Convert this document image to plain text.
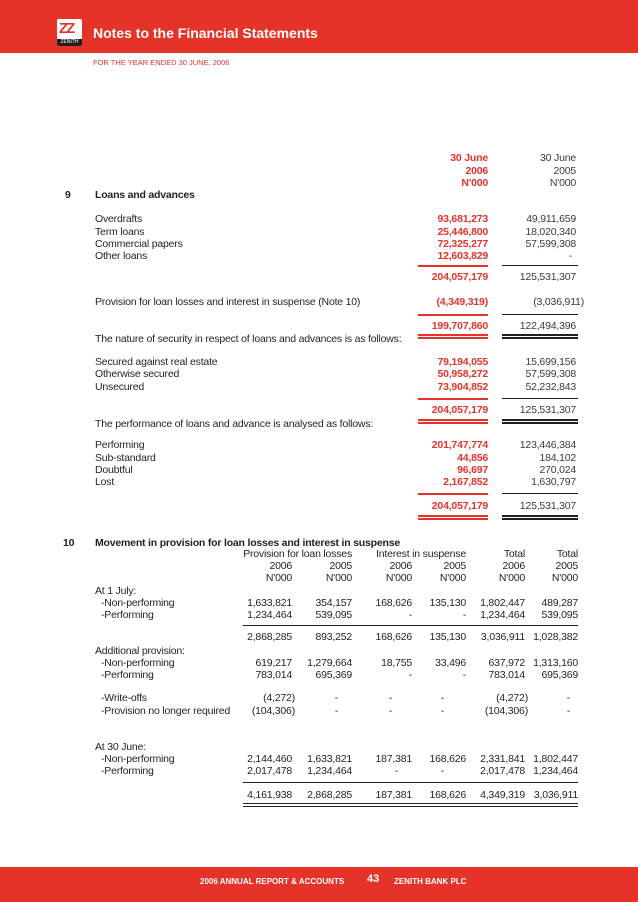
ZZ
ZENITH
Notes to the Financial Statements
FOR THE YEAR ENDED 30 JUNE, 2006
30 June
2006
N'000
30 June
2005
N'000
9 Loans and advances
Overdrafts	93,681,273	49,911,659
Term loans	25,446,800	18,020,340
Commercial papers	72,325,277	57,599,308
Other loans	12,603,829	-
204,057,179	125,531,307
Provision for loan losses and interest in suspense (Note 10)	(4,349,319)	(3,036,911)
199,707,860	122,494,396
The nature of security in respect of loans and advances is as follows:
Secured against real estate	79,194,055	15,699,156
Otherwise secured	50,958,272	57,599,308
Unsecured	73,904,852	52,232,843
204,057,179	125,531,307
The performance of loans and advance is analysed as follows:
Performing	201,747,774	123,446,384
Sub-standard	44,856	184,102
Doubtful	96,697	270,024
Lost	2,167,852	1,630,797
204,057,179	125,531,307
10 Movement in provision for loan losses and interest in suspense
Provision for loan losses Interest in suspense	Total	Total
2006	2005	2006	2005	2006	2005
N'000	N'000	N'000	N'000	N'000	N'000
At 1 July:
-Non-performing	1,633,821 354,157 168,626 135,130 1,802,447 489,287
-Performing	1,234,464 539,095	-	- 1,234,464 539,095
2,868,285 893,252 168,626 135,130 3,036,911 1,028,382
Additional provision:
-Non-performing	619,217 1,279,664	18,755 33,496 637,972 1,313,160
-Performing	783,014 695,369	-	- 783,014 695,369
-Write-offs	(4,272)	-	-	-	(4,272)	-
-Provision no longer required (104,306)	-	-	-	(104,306)	-
At 30 June:
-Non-performing	2,144,460 1,633,821 187,381 168,626 2,331,841 1,802,447
-Performing	2,017,478 1,234,464	-	-	2,017,478 1,234,464
4,161,938 2,868,285 187,381 168,626 4,349,319 3,036,911
2006 ANNUAL REPORT & ACCOUNTS 43 ZENITH BANK PLC
